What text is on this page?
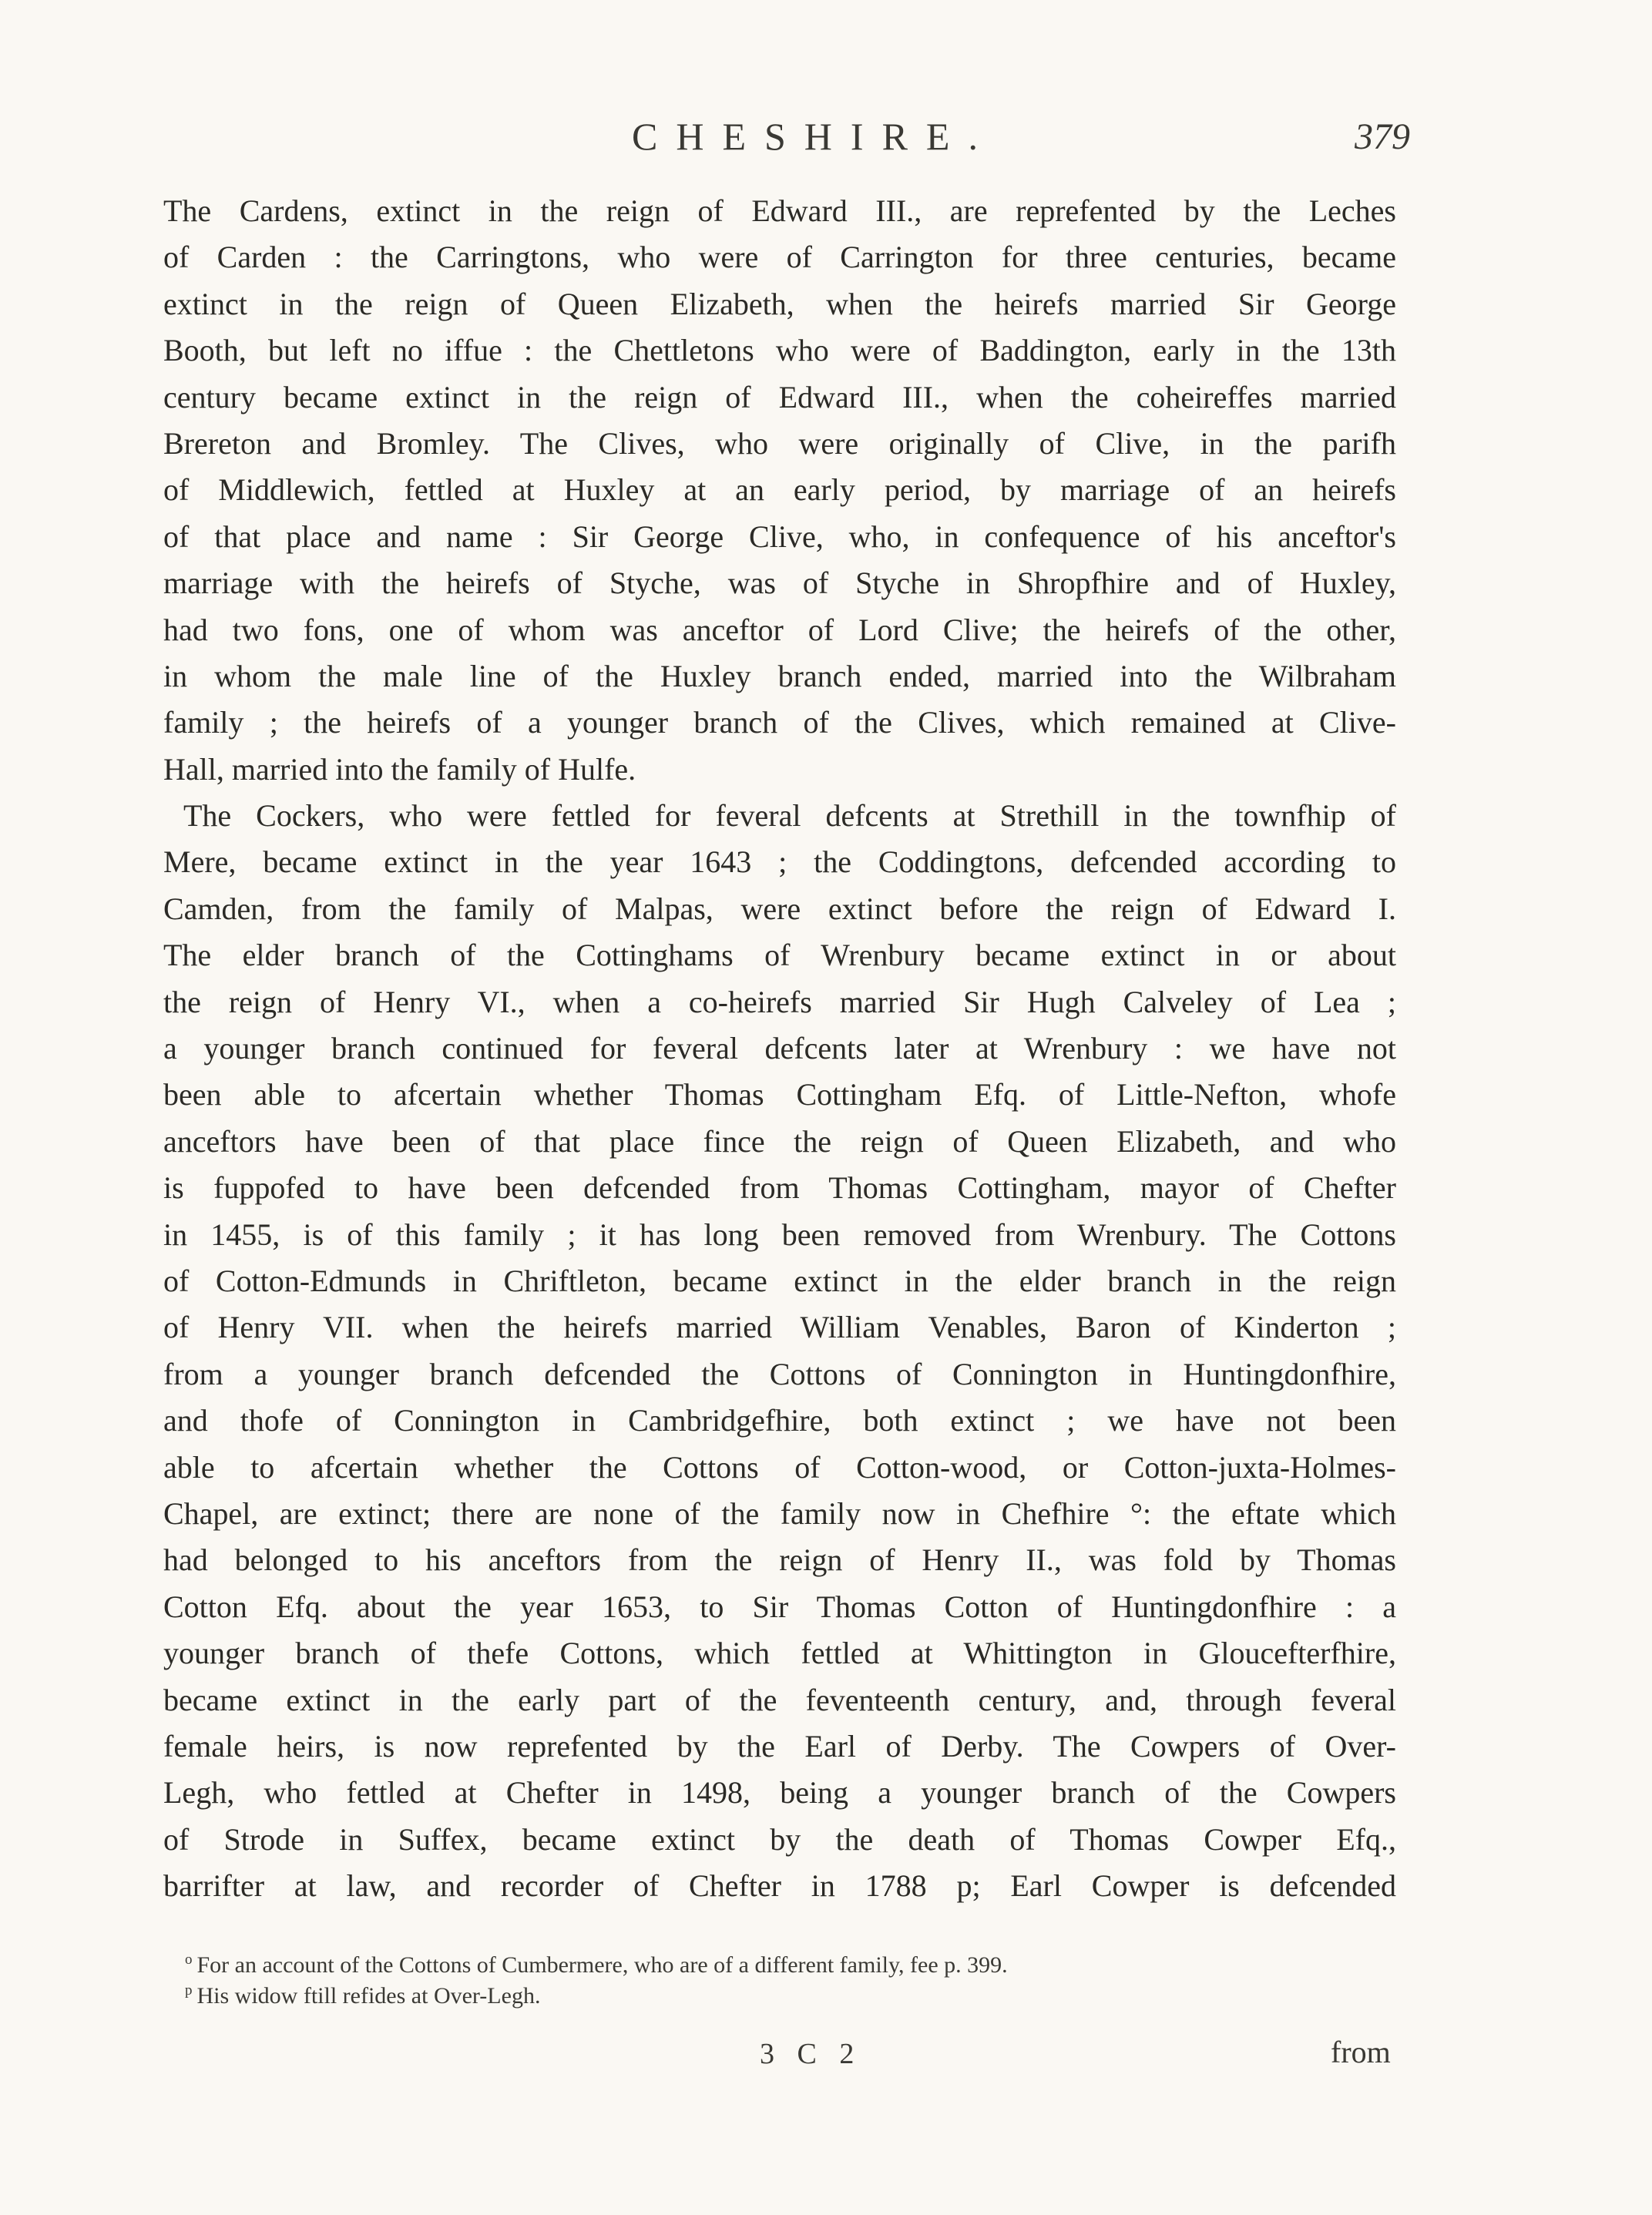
CHESHIRE.	379
The Cardens, extinct in the reign of Edward III., are reprefented by the Leches
of Carden : the Carringtons, who were of Carrington for three centuries, became
extinct in the reign of Queen Elizabeth, when the heirefs married Sir George
Booth, but left no iffue : the Chettletons who were of Baddington, early in the 13th
century became extinct in the reign of Edward III., when the coheireffes married
Brereton and Bromley. The Clives, who were originally of Clive, in the parifh
of Middlewich, fettled at Huxley at an early period, by marriage of an heirefs
of that place and name : Sir George Clive, who, in confequence of his anceftor's
marriage with the heirefs of Styche, was of Styche in Shropfhire and of Huxley,
had two fons, one of whom was anceftor of Lord Clive; the heirefs of the other,
in whom the male line of the Huxley branch ended, married into the Wilbraham
family ; the heirefs of a younger branch of the Clives, which remained at Clive-
Hall, married into the family of Hulfe.
The Cockers, who were fettled for feveral defcents at Strethill in the townfhip of
Mere, became extinct in the year 1643 ; the Coddingtons, defcended according to
Camden, from the family of Malpas, were extinct before the reign of Edward I.
The elder branch of the Cottinghams of Wrenbury became extinct in or about
the reign of Henry VI., when a co-heirefs married Sir Hugh Calveley of Lea ;
a younger branch continued for feveral defcents later at Wrenbury : we have not
been able to afcertain whether Thomas Cottingham Efq. of Little-Nefton, whofe
anceftors have been of that place fince the reign of Queen Elizabeth, and who
is fuppofed to have been defcended from Thomas Cottingham, mayor of Chefter
in 1455, is of this family ; it has long been removed from Wrenbury. The Cottons
of Cotton-Edmunds in Chriftleton, became extinct in the elder branch in the reign
of Henry VII. when the heirefs married William Venables, Baron of Kinderton ;
from a younger branch defcended the Cottons of Connington in Huntingdonfhire,
and thofe of Connington in Cambridgefhire, both extinct ; we have not been
able to afcertain whether the Cottons of Cotton-wood, or Cotton-juxta-Holmes-
Chapel, are extinct; there are none of the family now in Chefhire °: the eftate which
had belonged to his anceftors from the reign of Henry II., was fold by Thomas
Cotton Efq. about the year 1653, to Sir Thomas Cotton of Huntingdonfhire : a
younger branch of thefe Cottons, which fettled at Whittington in Gloucefterfhire,
became extinct in the early part of the feventeenth century, and, through feveral
female heirs, is now reprefented by the Earl of Derby. The Cowpers of Over-
Legh, who fettled at Chefter in 1498, being a younger branch of the Cowpers
of Strode in Suffex, became extinct by the death of Thomas Cowper Efq.,
barrifter at law, and recorder of Chefter in 1788 p; Earl Cowper is defcended
$^o$ For an account of the Cottons of Cumbermere, who are of a different family, fee p. 399.
$^p$ His widow ftill refides at Over-Legh.
3 C 2	from
